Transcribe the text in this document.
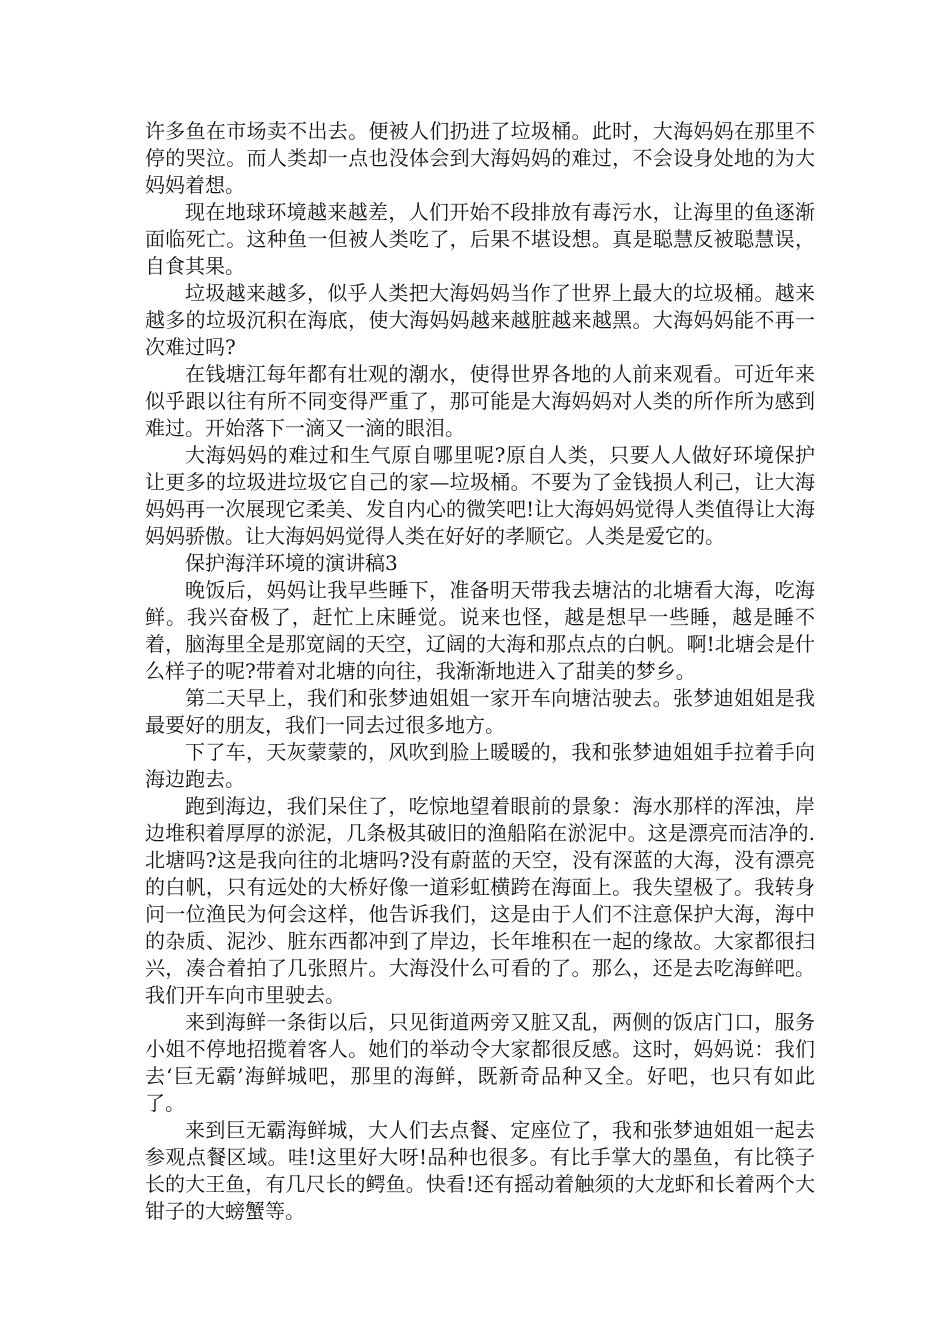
许多鱼在市场卖不出去。便被人们扔进了垃圾桶。此时，大海妈妈在那里不停的哭泣。而人类却一点也没体会到大海妈妈的难过，不会设身处地的为大妈妈着想。

现在地球环境越来越差，人们开始不段排放有毒污水，让海里的鱼逐渐面临死亡。这种鱼一但被人类吃了，后果不堪设想。真是聪慧反被聪慧误，自食其果。

垃圾越来越多，似乎人类把大海妈妈当作了世界上最大的垃圾桶。越来越多的垃圾沉积在海底，使大海妈妈越来越脏越来越黑。大海妈妈能不再一次难过吗?

在钱塘江每年都有壮观的潮水，使得世界各地的人前来观看。可近年来似乎跟以往有所不同变得严重了，那可能是大海妈妈对人类的所作所为感到难过。开始落下一滴又一滴的眼泪。

大海妈妈的难过和生气原自哪里呢?原自人类，只要人人做好环境保护让更多的垃圾进垃圾它自己的家—垃圾桶。不要为了金钱损人利己，让大海妈妈再一次展现它柔美、发自内心的微笑吧!让大海妈妈觉得人类值得让大海妈妈骄傲。让大海妈妈觉得人类在好好的孝顺它。人类是爱它的。

保护海洋环境的演讲稿3

晚饭后，妈妈让我早些睡下，准备明天带我去塘沽的北塘看大海，吃海鲜。我兴奋极了，赶忙上床睡觉。说来也怪，越是想早一些睡，越是睡不着，脑海里全是那宽阔的天空，辽阔的大海和那点点的白帆。啊!北塘会是什么样子的呢?带着对北塘的向往，我渐渐地进入了甜美的梦乡。

第二天早上，我们和张梦迪姐姐一家开车向塘沽驶去。张梦迪姐姐是我最要好的朋友，我们一同去过很多地方。

下了车，天灰蒙蒙的，风吹到脸上暖暖的，我和张梦迪姐姐手拉着手向海边跑去。

跑到海边，我们呆住了，吃惊地望着眼前的景象：海水那样的浑浊，岸边堆积着厚厚的淤泥，几条极其破旧的渔船陷在淤泥中。这是漂亮而洁净的.北塘吗?这是我向往的北塘吗?没有蔚蓝的天空，没有深蓝的大海，没有漂亮的白帆，只有远处的大桥好像一道彩虹横跨在海面上。我失望极了。我转身问一位渔民为何会这样，他告诉我们，这是由于人们不注意保护大海，海中的杂质、泥沙、脏东西都冲到了岸边，长年堆积在一起的缘故。大家都很扫兴，凑合着拍了几张照片。大海没什么可看的了。那么，还是去吃海鲜吧。我们开车向市里驶去。

来到海鲜一条街以后，只见街道两旁又脏又乱，两侧的饭店门口，服务小姐不停地招揽着客人。她们的举动令大家都很反感。这时，妈妈说：我们去‘巨无霸’海鲜城吧，那里的海鲜，既新奇品种又全。好吧，也只有如此了。

来到巨无霸海鲜城，大人们去点餐、定座位了，我和张梦迪姐姐一起去参观点餐区域。哇!这里好大呀!品种也很多。有比手掌大的墨鱼，有比筷子长的大王鱼，有几尺长的鳄鱼。快看!还有摇动着触须的大龙虾和长着两个大钳子的大螃蟹等。
